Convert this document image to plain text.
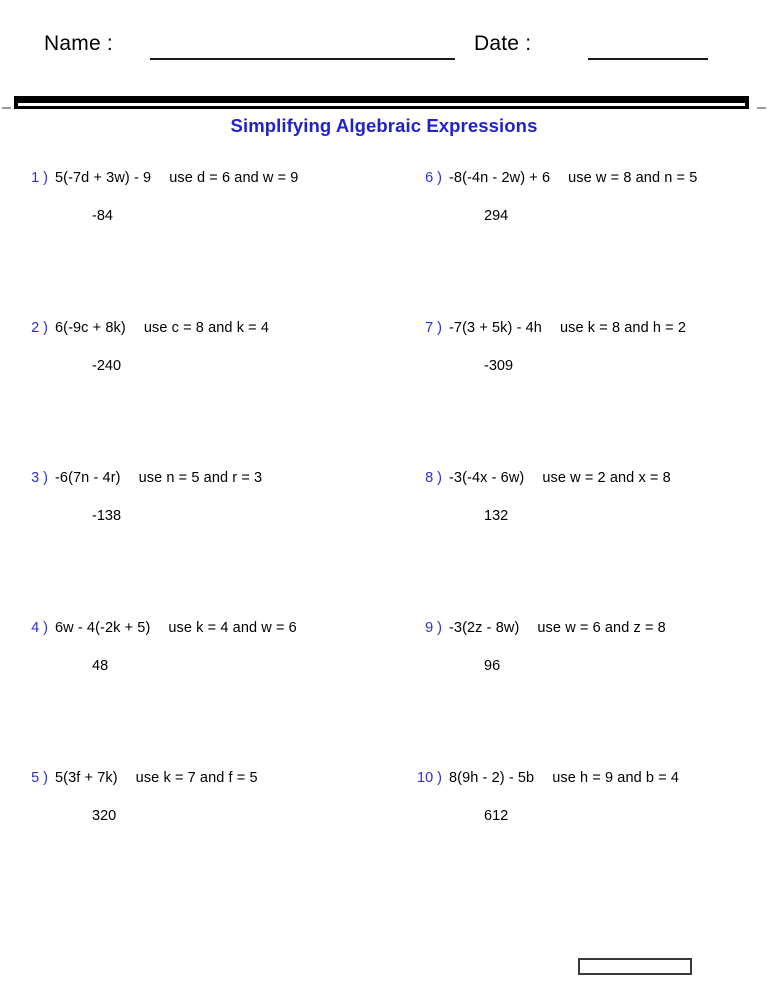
Name :	Date :
Simplifying Algebraic Expressions
1 ) 5(-7d + 3w) - 9 use d = 6 and w = 9
-84
6 ) -8(-4n - 2w) + 6 use w = 8 and n = 5
294
2 ) 6(-9c + 8k) use c = 8 and k = 4
-240
7 ) -7(3 + 5k) - 4h use k = 8 and h = 2
-309
3 ) -6(7n - 4r) use n = 5 and r = 3
-138
8 ) -3(-4x - 6w) use w = 2 and x = 8
132
4 ) 6w - 4(-2k + 5) use k = 4 and w = 6
48
9 ) -3(2z - 8w) use w = 6 and z = 8
96
5 ) 5(3f + 7k) use k = 7 and f = 5
320
10 ) 8(9h - 2) - 5b use h = 9 and b = 4
612
